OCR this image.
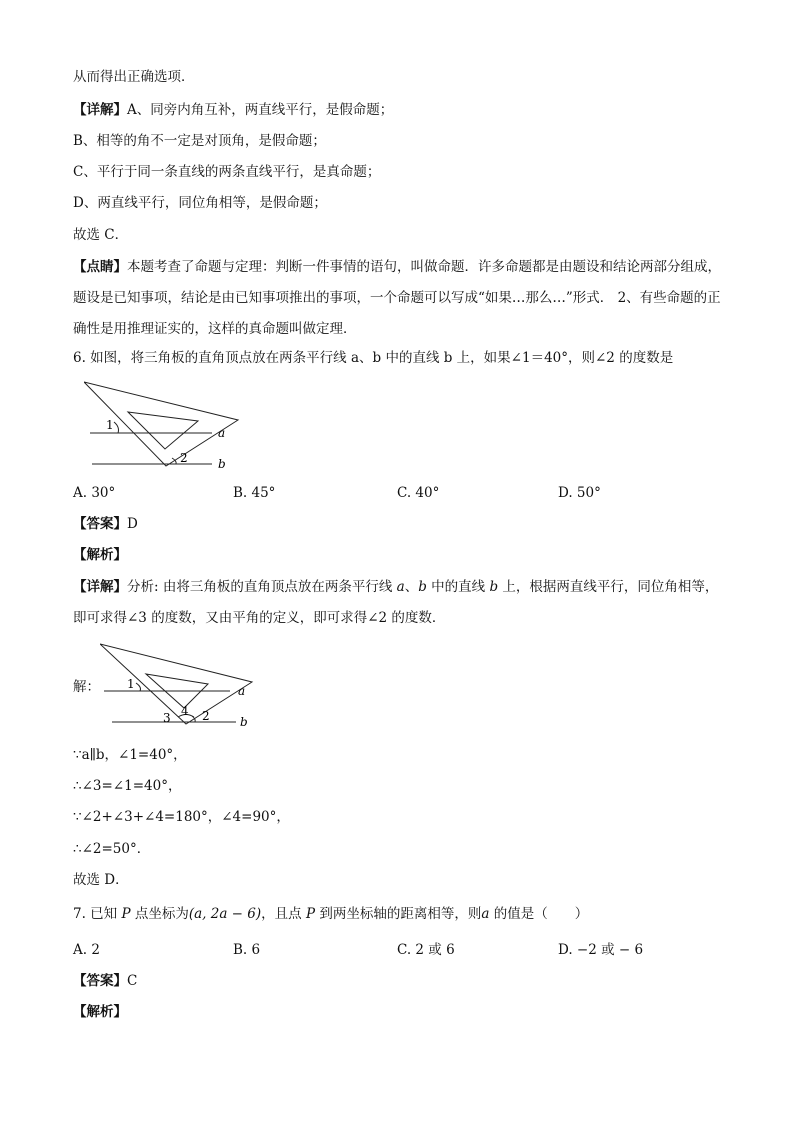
从而得出正确选项．
【详解】A、同旁内角互补，两直线平行，是假命题；
B、相等的角不一定是对顶角，是假命题；
C、平行于同一条直线的两条直线平行，是真命题；
D、两直线平行，同位角相等，是假命题；
故选 C．
【点睛】本题考查了命题与定理：判断一件事情的语句，叫做命题．许多命题都是由题设和结论两部分组成，题设是已知事项，结论是由已知事项推出的事项，一个命题可以写成“如果…那么…”形式． 2、有些命题的正确性是用推理证实的，这样的真命题叫做定理．
6. 如图，将三角板的直角顶点放在两条平行线 a、b 中的直线 b 上，如果∠1＝40°，则∠2 的度数是
1
2
a
b
A. 30°	B. 45°	C. 40°	D. 50°
【答案】D
【解析】
【详解】分析: 由将三角板的直角顶点放在两条平行线 a、b 中的直线 b 上，根据两直线平行，同位角相等，
即可求得∠3 的度数，又由平角的定义，即可求得∠2 的度数．
解： 1
2
3 4
a
b
∵a∥b，∠1=40°，
∴∠3=∠1=40°，
∵∠2+∠3+∠4=180°，∠4=90°，
∴∠2=50°．
故选 D．
7. 已知 P 点坐标为(a, 2a − 6)，且点 P 到两坐标轴的距离相等，则a 的值是（　　）
A. 2	B. 6	C. 2 或 6	D. −2 或 − 6
【答案】C
【解析】
